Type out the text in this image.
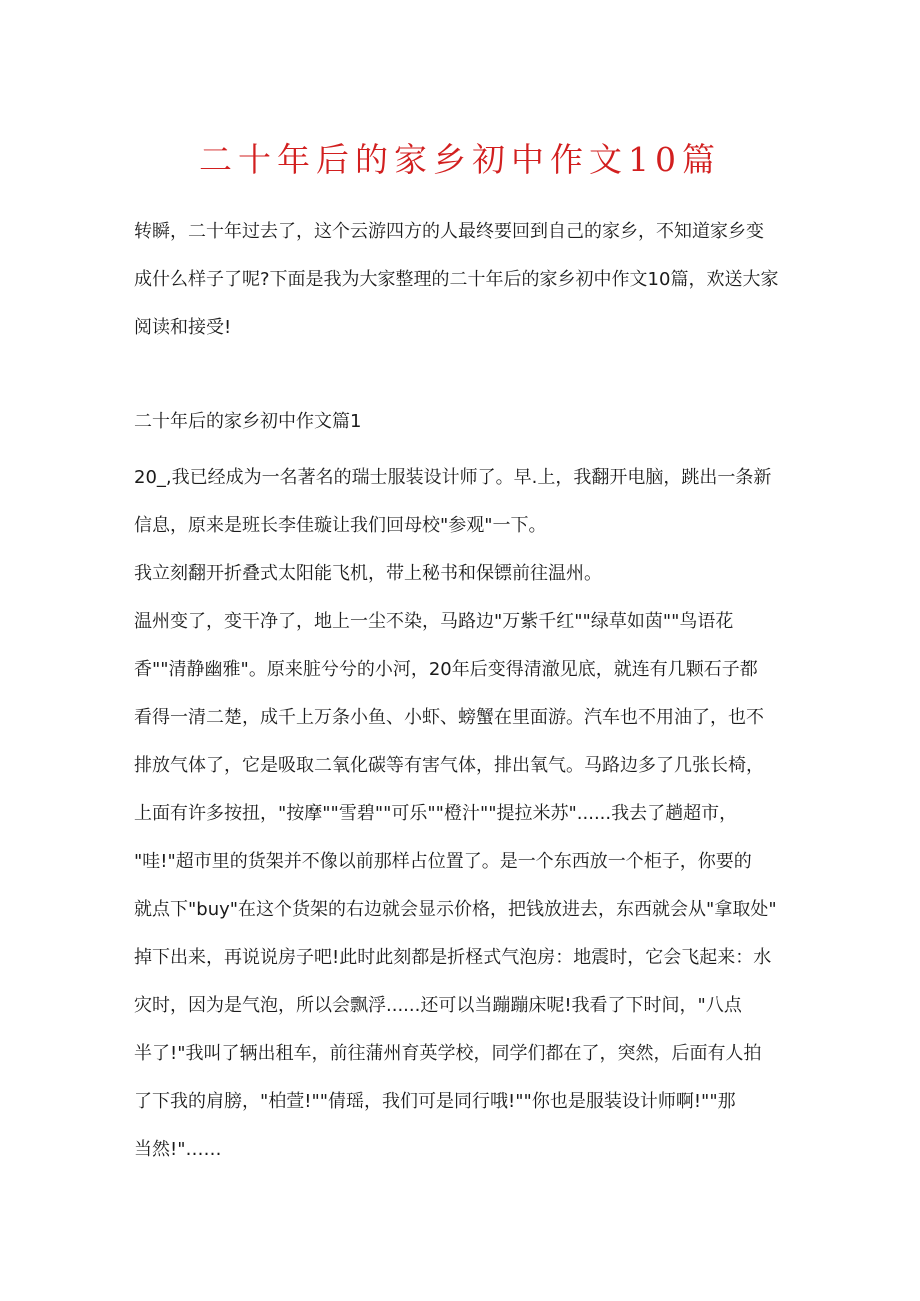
二十年后的家乡初中作文10篇

转瞬，二十年过去了，这个云游四方的人最终要回到自己的家乡，不知道家乡变
成什么样子了呢?下面是我为大家整理的二十年后的家乡初中作文10篇，欢送大家
阅读和接受!

二十年后的家乡初中作文篇1

20_,我已经成为一名著名的瑞士服装设计师了。早.上，我翻开电脑，跳出一条新
信息，原来是班长李佳璇让我们回母校"参观"一下。

我立刻翻开折叠式太阳能飞机，带上秘书和保镖前往温州。

温州变了，变干净了，地上一尘不染，马路边"万紫千红""绿草如茵""鸟语花
香""清静幽雅"。原来脏兮兮的小河，20年后变得清澈见底，就连有几颗石子都
看得一清二楚，成千上万条小鱼、小虾、螃蟹在里面游。汽车也不用油了，也不
排放气体了，它是吸取二氧化碳等有害气体，排出氧气。马路边多了几张长椅，
上面有许多按扭，"按摩""雪碧""可乐""橙汁""提拉米苏"......我去了趟超市，
"哇!"超市里的货架并不像以前那样占位置了。是一个东西放一个柜子，你要的
就点下"buy"在这个货架的右边就会显示价格，把钱放进去，东西就会从"拿取处"
掉下出来，再说说房子吧!此时此刻都是折柽式气泡房：地震时，它会飞起来：水
灾时，因为是气泡，所以会飘浮......还可以当蹦蹦床呢!我看了下时间，"八点
半了!"我叫了辆出租车，前往蒲州育英学校，同学们都在了，突然，后面有人拍
了下我的肩膀，"柏萱!""倩瑶，我们可是同行哦!""你也是服装设计师啊!""那
当然!"……
